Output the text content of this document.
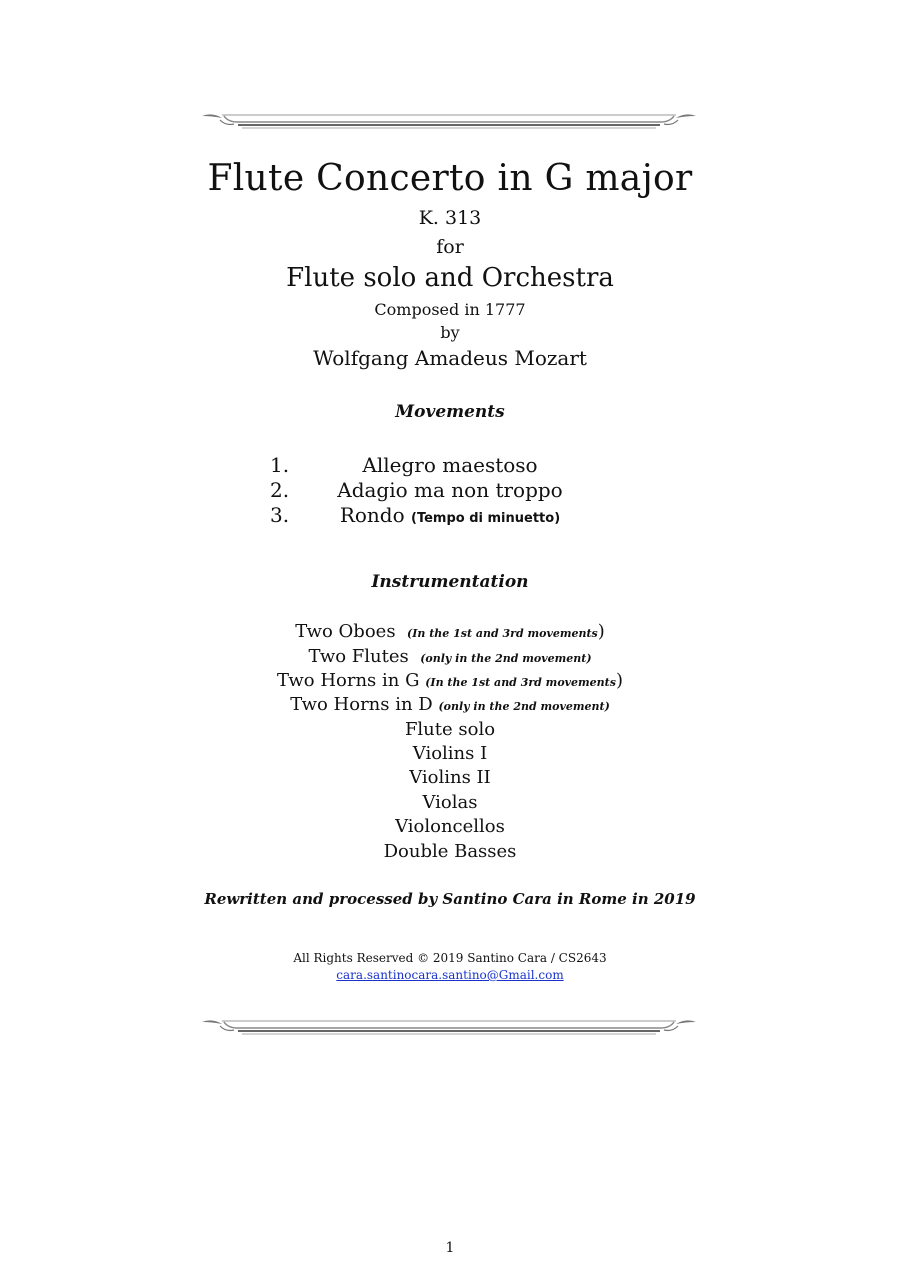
Flute Concerto in G major
K. 313
for
Flute solo and Orchestra
Composed in 1777
by
Wolfgang Amadeus Mozart
Movements
1.	Allegro maestoso
2.	Adagio ma non troppo
3.	Rondo (Tempo di minuetto)
Instrumentation
Two Oboes (In the 1st and 3rd movements)
Two Flutes (only in the 2nd movement)
Two Horns in G (In the 1st and 3rd movements)
Two Horns in D (only in the 2nd movement)
Flute solo
Violins I
Violins II
Violas
Violoncellos
Double Basses
Rewritten and processed by Santino Cara in Rome in 2019
All Rights Reserved © 2019 Santino Cara / CS2643
cara.santinocara.santino@Gmail.com
1
